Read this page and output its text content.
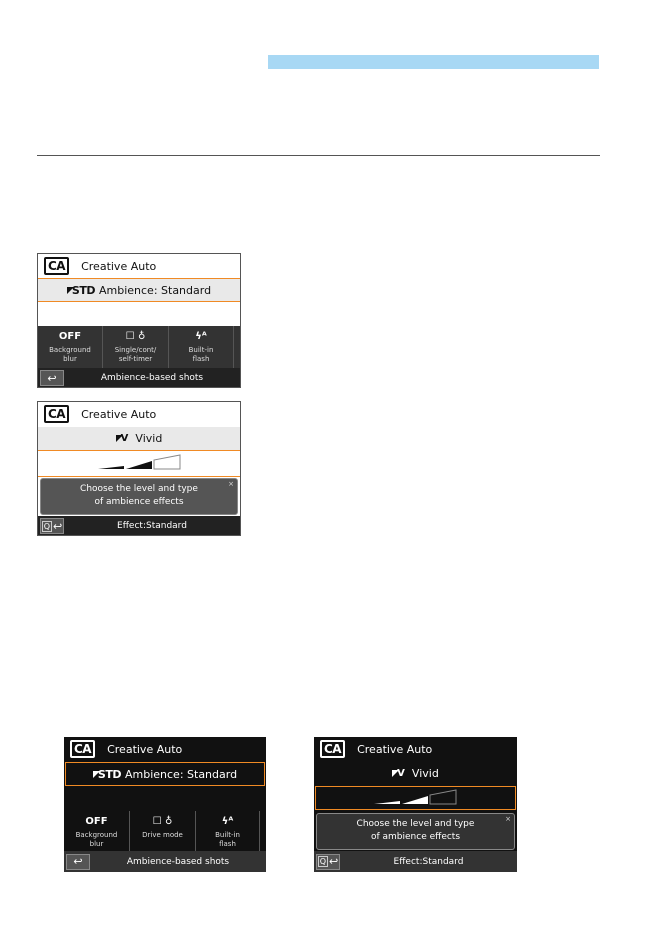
CA	Creative Auto
STD Ambience: Standard
OFF
Background blur
☐ ♁
Single/cont/ self-timer
ϟᴬ
Built-in flash
↩	Ambience-based shots
CA	Creative Auto
V Vivid
Choose the level and type
of ambience effects
×
Q ↩	Effect:Standard
CA	Creative Auto
STD Ambience: Standard
OFF
Background blur
☐ ♁
Drive mode
ϟᴬ
Built-in flash
↩	Ambience-based shots
CA	Creative Auto
V Vivid
Choose the level and type
of ambience effects
×
Q ↩	Effect:Standard
